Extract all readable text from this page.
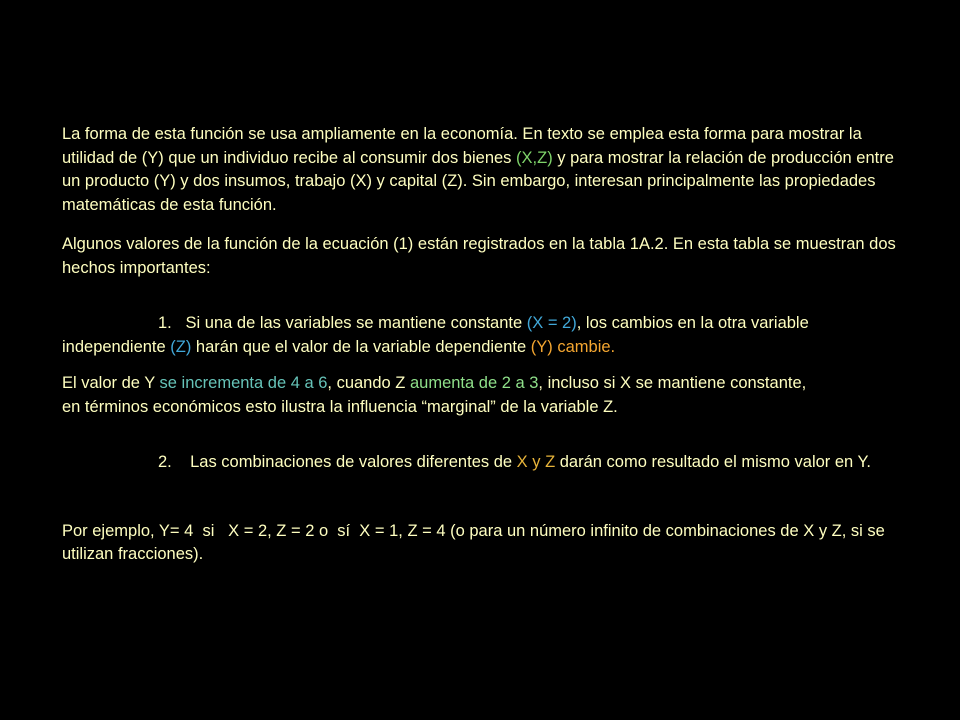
La forma de esta función se usa ampliamente en la economía. En texto se emplea esta forma para mostrar la utilidad de (Y) que un individuo recibe al consumir dos bienes (X,Z) y para mostrar la relación de producción entre un producto (Y) y dos insumos, trabajo (X) y capital (Z). Sin embargo, interesan principalmente las propiedades matemáticas de esta función.

Algunos valores de la función de la ecuación (1) están registrados en la tabla 1A.2. En esta tabla se muestran dos hechos importantes:

1. Si una de las variables se mantiene constante (X = 2), los cambios en la otra variable independiente (Z) harán que el valor de la variable dependiente (Y) cambie.

El valor de Y se incrementa de 4 a 6, cuando Z aumenta de 2 a 3, incluso si X se mantiene constante,
en términos económicos esto ilustra la influencia “marginal” de la variable Z.

2. Las combinaciones de valores diferentes de X y Z darán como resultado el mismo valor en Y.

Por ejemplo, Y= 4  si   X = 2, Z = 2 o  sí  X = 1, Z = 4 (o para un número infinito de combinaciones de X y Z, si se utilizan fracciones).
